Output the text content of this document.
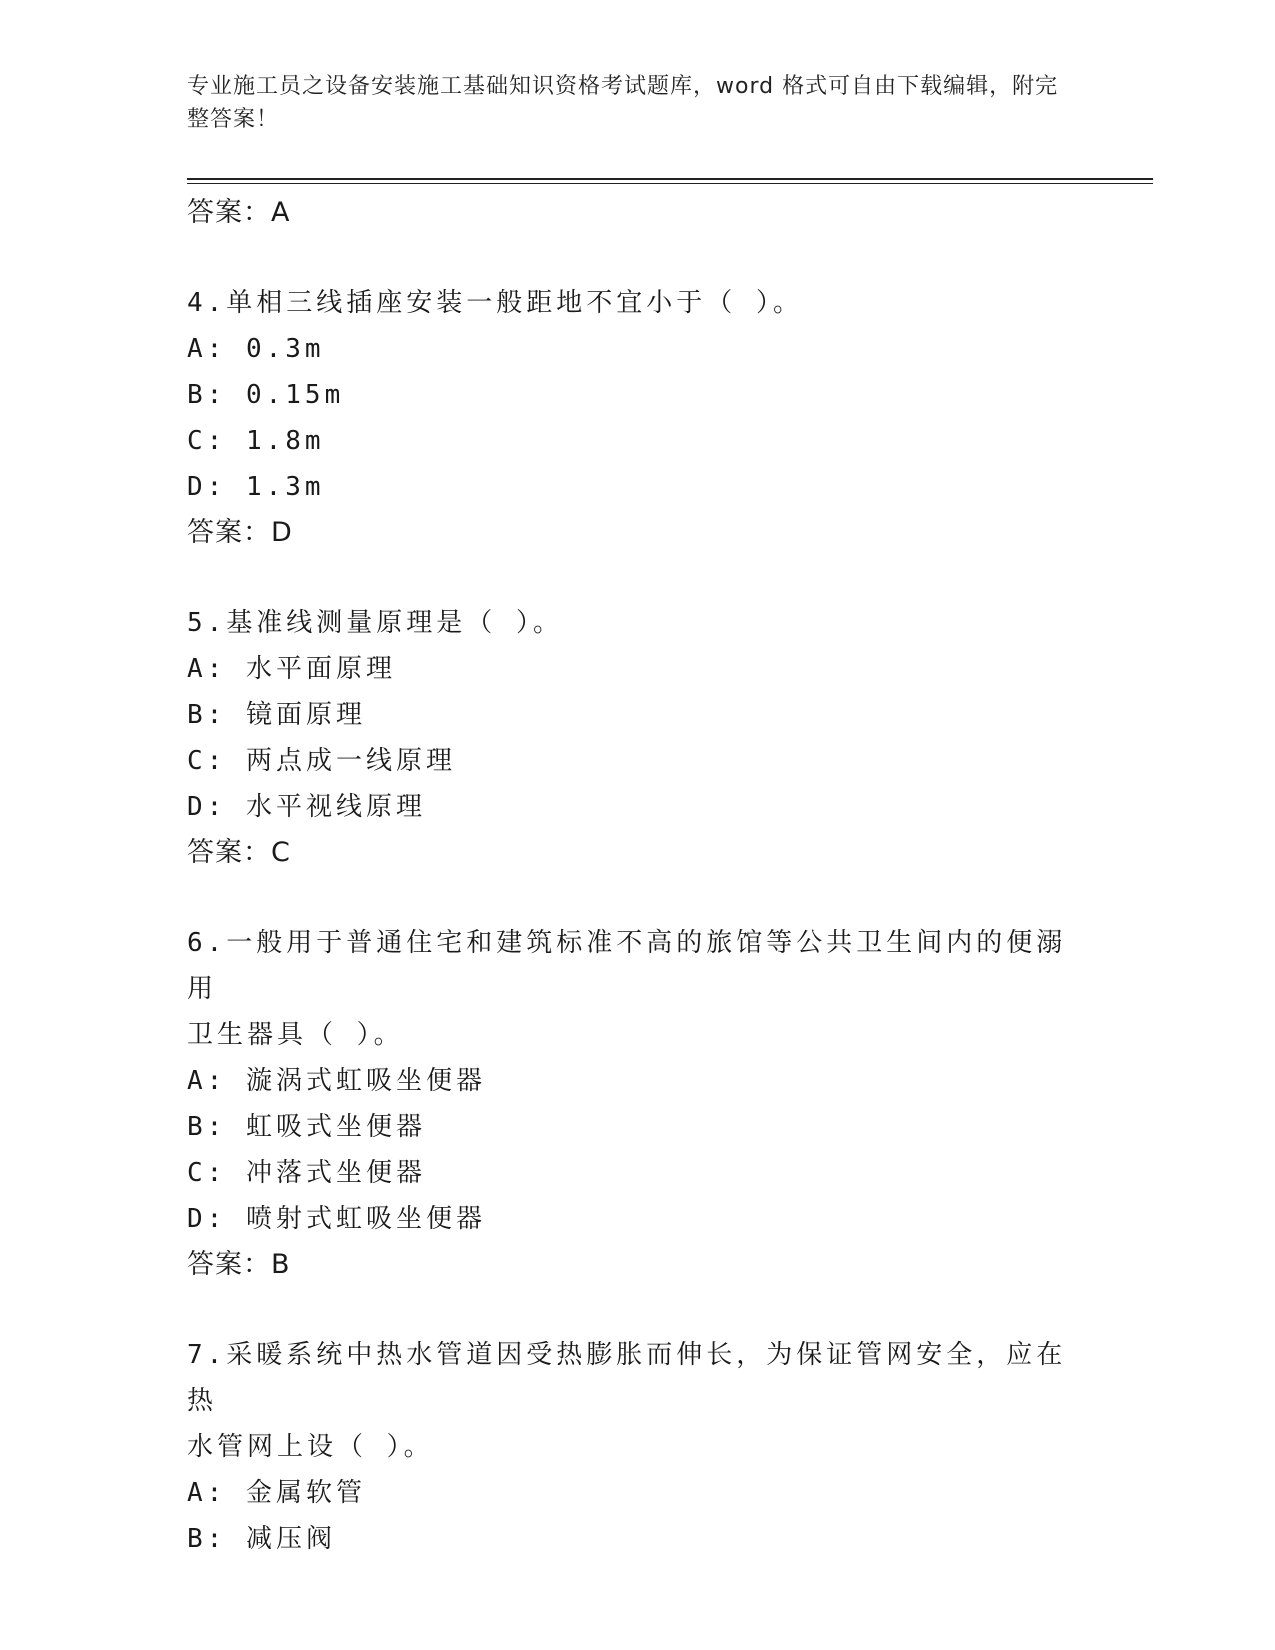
专业施工员之设备安装施工基础知识资格考试题库，word 格式可自由下载编辑，附完整答案！

答案：A

4.单相三线插座安装一般距地不宜小于（ ）。

A: 0.3m

B: 0.15m

C: 1.8m

D: 1.3m

答案：D

5.基准线测量原理是（ ）。

A: 水平面原理

B: 镜面原理

C: 两点成一线原理

D: 水平视线原理

答案：C

6.一般用于普通住宅和建筑标准不高的旅馆等公共卫生间内的便溺用

卫生器具（ ）。

A: 漩涡式虹吸坐便器

B: 虹吸式坐便器

C: 冲落式坐便器

D: 喷射式虹吸坐便器

答案：B

7.采暖系统中热水管道因受热膨胀而伸长，为保证管网安全，应在热

水管网上设（ ）。

A: 金属软管

B: 减压阀
